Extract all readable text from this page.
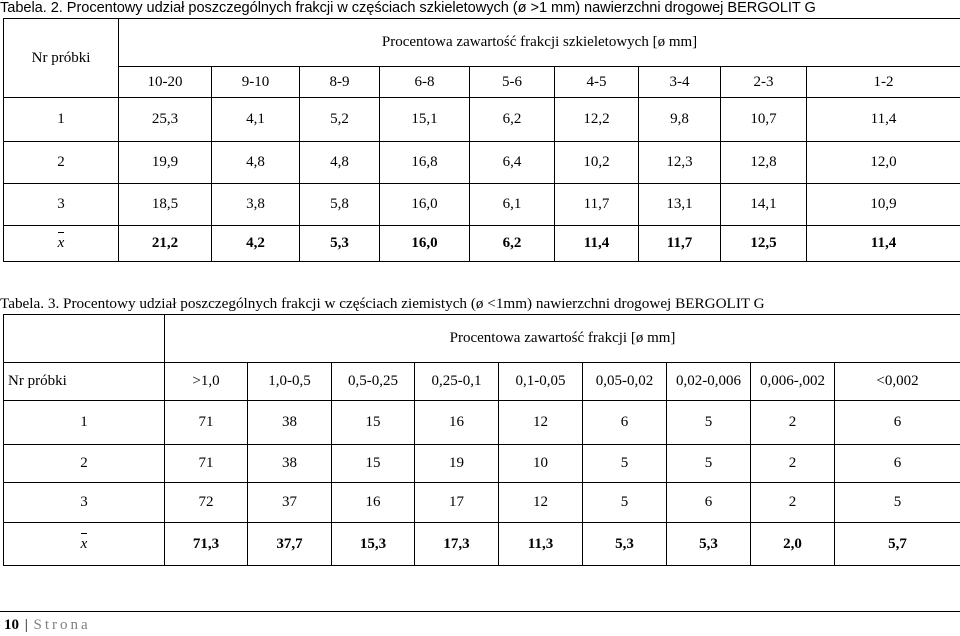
Tabela. 2. Procentowy udział poszczególnych frakcji w częściach szkieletowych (ø >1 mm) nawierzchni drogowej BERGOLIT G
Nr próbki	Procentowa zawartość frakcji szkieletowych [ø mm]								
	10-20	9-10	8-9	6-8	5-6	4-5	3-4	2-3	1-2
1	25,3	4,1	5,2	15,1	6,2	12,2	9,8	10,7	11,4
2	19,9	4,8	4,8	16,8	6,4	10,2	12,3	12,8	12,0
3	18,5	3,8	5,8	16,0	6,1	11,7	13,1	14,1	10,9
x	21,2	4,2	5,3	16,0	6,2	11,4	11,7	12,5	11,4
Tabela. 3. Procentowy udział poszczególnych frakcji w częściach ziemistych (ø <1mm) nawierzchni drogowej BERGOLIT G
	Procentowa zawartość frakcji [ø mm]								
Nr próbki	>1,0	1,0-0,5	0,5-0,25	0,25-0,1	0,1-0,05	0,05-0,02	0,02-0,006	0,006-,002	<0,002
1	71	38	15	16	12	6	5	2	6
2	71	38	15	19	10	5	5	2	6
3	72	37	16	17	12	5	6	2	5
x	71,3	37,7	15,3	17,3	11,3	5,3	5,3	2,0	5,7
10 | Strona
